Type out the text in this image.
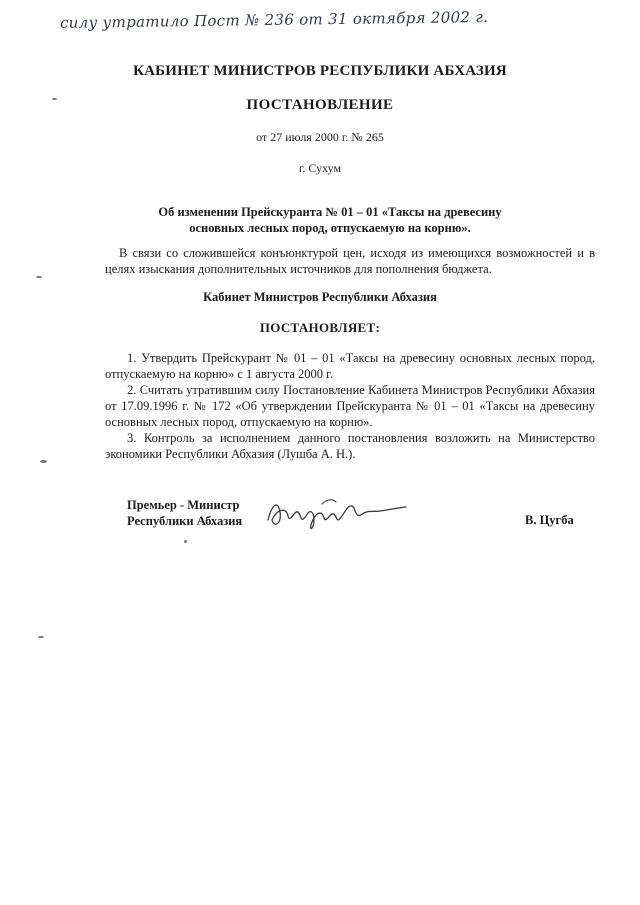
силу утратило Пост № 236 от 31 октября 2002 г.
КАБИНЕТ МИНИСТРОВ РЕСПУБЛИКИ АБХАЗИЯ
ПОСТАНОВЛЕНИЕ
от 27 июля 2000 г. № 265
г. Сухум
Об изменении Прейскуранта № 01 – 01 «Таксы на древесину основных лесных пород, отпускаемую на корню».
В связи со сложившейся конъюнктурой цен, исходя из имеющихся возможностей и в целях изыскания дополнительных источников для пополнения бюджета.
Кабинет Министров Республики Абхазия
ПОСТАНОВЛЯЕТ:

1. Утвердить Прейскурант № 01 – 01 «Таксы на древесину основных лесных пород, отпускаемую на корню» с 1 августа 2000 г.

2. Считать утратившим силу Постановление Кабинета Министров Республики Абхазия от 17.09.1996 г. № 172 «Об утверждении Прейскуранта № 01 – 01 «Таксы на древесину основных лесных пород, отпускаемую на корню».

3. Контроль за исполнением данного постановления возложить на Министерство экономики Республики Абхазия (Лушба А. Н.).

Премьер - Министр
Республики Абхазия	В. Цугба
